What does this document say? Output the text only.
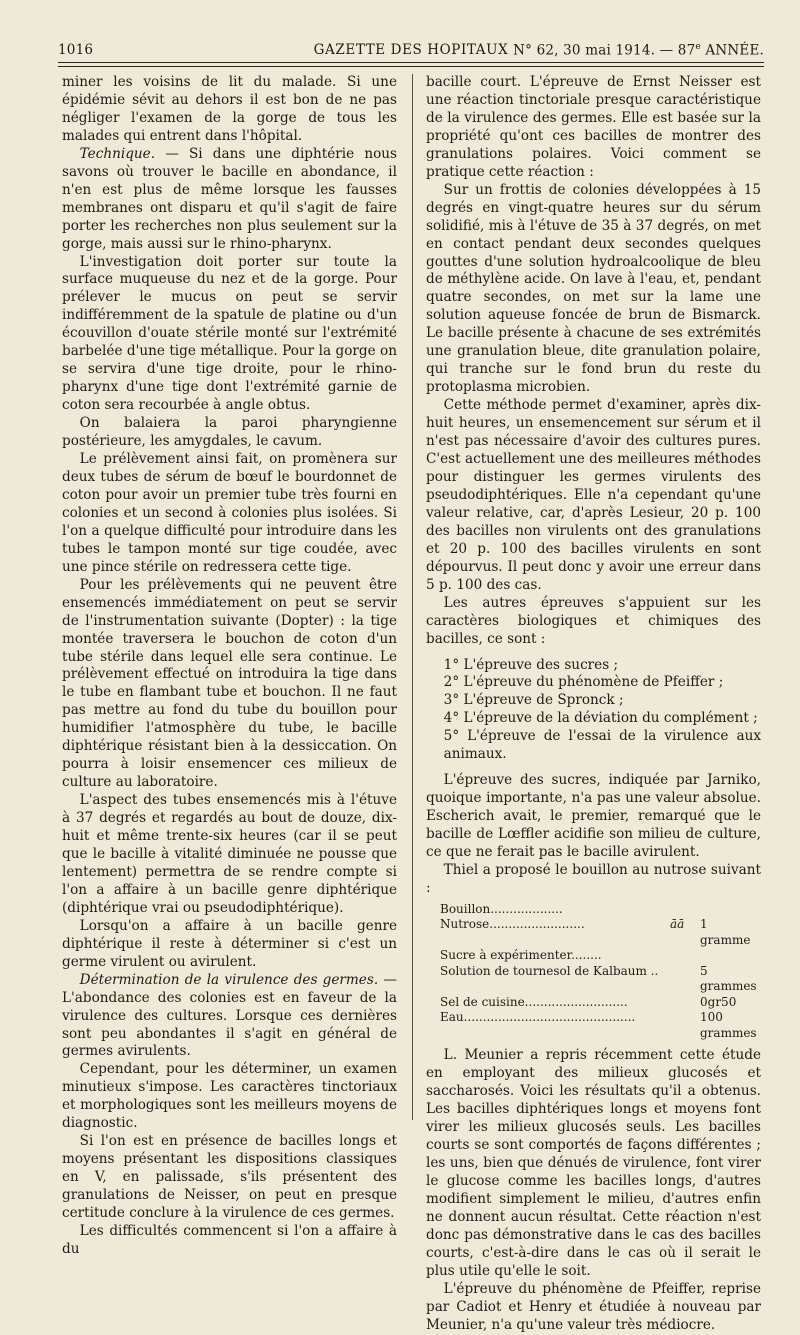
1016	GAZETTE DES HOPITAUX N° 62, 30 mai 1914. — 87e ANNÉE.

miner les voisins de lit du malade. Si une épidémie sévit au dehors il est bon de ne pas négliger l'examen de la gorge de tous les malades qui entrent dans l'hôpital.

Technique. — Si dans une diphtérie nous savons où trouver le bacille en abondance, il n'en est plus de même lorsque les fausses membranes ont disparu et qu'il s'agit de faire porter les recherches non plus seulement sur la gorge, mais aussi sur le rhino-pharynx.

L'investigation doit porter sur toute la surface muqueuse du nez et de la gorge. Pour prélever le mucus on peut se servir indifféremment de la spatule de platine ou d'un écouvillon d'ouate stérile monté sur l'extrémité barbelée d'une tige métallique. Pour la gorge on se servira d'une tige droite, pour le rhino-pharynx d'une tige dont l'extrémité garnie de coton sera recourbée à angle obtus.

On balaiera la paroi pharyngienne postérieure, les amygdales, le cavum.

Le prélèvement ainsi fait, on promènera sur deux tubes de sérum de bœuf le bourdonnet de coton pour avoir un premier tube très fourni en colonies et un second à colonies plus isolées. Si l'on a quelque difficulté pour introduire dans les tubes le tampon monté sur tige coudée, avec une pince stérile on redressera cette tige.

Pour les prélèvements qui ne peuvent être ensemencés immédiatement on peut se servir de l'instrumentation suivante (Dopter) : la tige montée traversera le bouchon de coton d'un tube stérile dans lequel elle sera continue. Le prélèvement effectué on introduira la tige dans le tube en flambant tube et bouchon. Il ne faut pas mettre au fond du tube du bouillon pour humidifier l'atmosphère du tube, le bacille diphtérique résistant bien à la dessiccation. On pourra à loisir ensemencer ces milieux de culture au laboratoire.

L'aspect des tubes ensemencés mis à l'étuve à 37 degrés et regardés au bout de douze, dix-huit et même trente-six heures (car il se peut que le bacille à vitalité diminuée ne pousse que lentement) permettra de se rendre compte si l'on a affaire à un bacille genre diphtérique (diphtérique vrai ou pseudodiphtérique).

Lorsqu'on a affaire à un bacille genre diphtérique il reste à déterminer si c'est un germe virulent ou avirulent.

Détermination de la virulence des germes. — L'abondance des colonies est en faveur de la virulence des cultures. Lorsque ces dernières sont peu abondantes il s'agit en général de germes avirulents.

Cependant, pour les déterminer, un examen minutieux s'impose. Les caractères tinctoriaux et morphologiques sont les meilleurs moyens de diagnostic.

Si l'on est en présence de bacilles longs et moyens présentant les dispositions classiques en V, en palissade, s'ils présentent des granulations de Neisser, on peut en presque certitude conclure à la virulence de ces germes.

Les difficultés commencent si l'on a affaire à du

bacille court. L'épreuve de Ernst Neisser est une réaction tinctoriale presque caractéristique de la virulence des germes. Elle est basée sur la propriété qu'ont ces bacilles de montrer des granulations polaires. Voici comment se pratique cette réaction :

Sur un frottis de colonies développées à 15 degrés en vingt-quatre heures sur du sérum solidifié, mis à l'étuve de 35 à 37 degrés, on met en contact pendant deux secondes quelques gouttes d'une solution hydroalcoolique de bleu de méthylène acide. On lave à l'eau, et, pendant quatre secondes, on met sur la lame une solution aqueuse foncée de brun de Bismarck. Le bacille présente à chacune de ses extrémités une granulation bleue, dite granulation polaire, qui tranche sur le fond brun du reste du protoplasma microbien.

Cette méthode permet d'examiner, après dix-huit heures, un ensemencement sur sérum et il n'est pas nécessaire d'avoir des cultures pures. C'est actuellement une des meilleures méthodes pour distinguer les germes virulents des pseudodiphtériques. Elle n'a cependant qu'une valeur relative, car, d'après Lesieur, 20 p. 100 des bacilles non virulents ont des granulations et 20 p. 100 des bacilles virulents en sont dépourvus. Il peut donc y avoir une erreur dans 5 p. 100 des cas.

Les autres épreuves s'appuient sur les caractères biologiques et chimiques des bacilles, ce sont :

1° L'épreuve des sucres ;

2° L'épreuve du phénomène de Pfeiffer ;

3° L'épreuve de Spronck ;

4° L'épreuve de la déviation du complément ;

5° L'épreuve de l'essai de la virulence aux animaux.

L'épreuve des sucres, indiquée par Jarniko, quoique importante, n'a pas une valeur absolue. Escherich avait, le premier, remarqué que le bacille de Lœffler acidifie son milieu de culture, ce que ne ferait pas le bacille avirulent.

Thiel a proposé le bouillon au nutrose suivant :

Bouillon...................
Nutrose.........................	āā	1 gramme
Sucre à expérimenter........
Solution de tournesol de Kalbaum ..	5 grammes
Sel de cuisine...........................	0gr50
Eau.............................................	100 grammes

L. Meunier a repris récemment cette étude en employant des milieux glucosés et saccharosés. Voici les résultats qu'il a obtenus. Les bacilles diphtériques longs et moyens font virer les milieux glucosés seuls. Les bacilles courts se sont comportés de façons différentes ; les uns, bien que dénués de virulence, font virer le glucose comme les bacilles longs, d'autres modifient simplement le milieu, d'autres enfin ne donnent aucun résultat. Cette réaction n'est donc pas démonstrative dans le cas des bacilles courts, c'est-à-dire dans le cas où il serait le plus utile qu'elle le soit.

L'épreuve du phénomène de Pfeiffer, reprise par Cadiot et Henry et étudiée à nouveau par Meunier, n'a qu'une valeur très médiocre.
